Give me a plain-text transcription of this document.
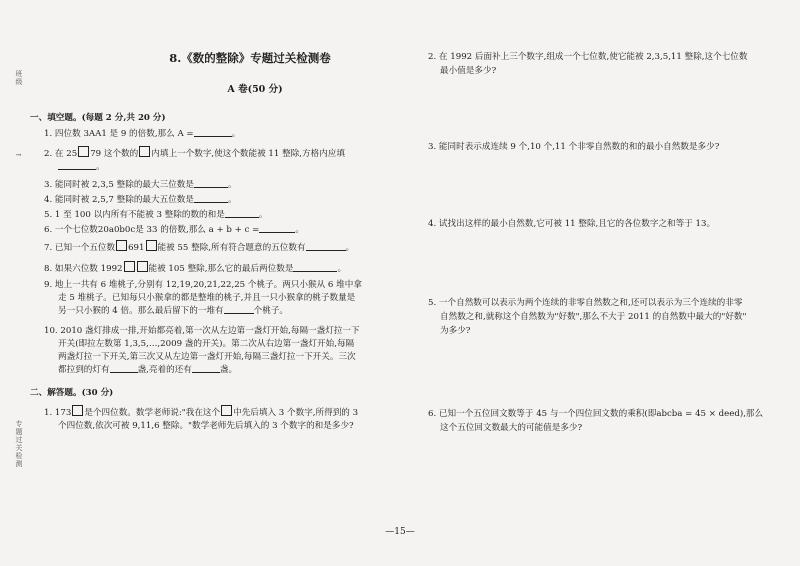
班级
↑
专题过关检测
8.《数的整除》专题过关检测卷
A 卷(50 分)
一、填空题。(每题 2 分,共 20 分)
1. 四位数 3AA1 是 9 的倍数,那么 A =	。
2. 在 25 79 这个数的 内填上一个数字,使这个数能被 11 整除,方格内应填
。
3. 能同时被 2,3,5 整除的最大三位数是	。
4. 能同时被 2,5,7 整除的最大五位数是	。
5. 1 至 100 以内所有不能被 3 整除的数的和是	。
6. 一个七位数20a0b0c是 33 的倍数,那么 a + b + c =	。
7. 已知一个五位数 691 能被 55 整除,所有符合题意的五位数有	。
8. 如果六位数 1992	能被 105 整除,那么它的最后两位数是	。
9. 地上一共有 6 堆桃子,分别有 12,19,20,21,22,25 个桃子。两只小猴从 6 堆中拿
走 5 堆桃子。已知每只小猴拿的都是整堆的桃子,并且一只小猴拿的桃子数量是
另一只小猴的 4 倍。那么最后留下的一堆有	个桃子。
10. 2010 盏灯排成一排,开始都亮着,第一次从左边第一盏灯开始,每隔一盏灯拉一下
开关(即拉左数第 1,3,5,…,2009 盏的开关)。第二次从右边第一盏灯开始,每隔
两盏灯拉一下开关,第三次又从左边第一盏灯开始,每隔三盏灯拉一下开关。三次
都拉到的灯有	盏,亮着的还有	盏。
二、解答题。(30 分)
1. 173 是个四位数。数学老师说:"我在这个 中先后填入 3 个数字,所得到的 3
个四位数,依次可被 9,11,6 整除。"数学老师先后填入的 3 个数字的和是多少?
2. 在 1992 后面补上三个数字,组成一个七位数,使它能被 2,3,5,11 整除,这个七位数
最小值是多少?
3. 能同时表示成连续 9 个,10 个,11 个非零自然数的和的最小自然数是多少?
4. 试找出这样的最小自然数,它可被 11 整除,且它的各位数字之和等于 13。
5. 一个自然数可以表示为两个连续的非零自然数之和,还可以表示为三个连续的非零
自然数之和,就称这个自然数为"好数",那么不大于 2011 的自然数中最大的"好数"
为多少?
6. 已知一个五位回文数等于 45 与一个四位回文数的乘积(即abcba = 45 × deed),那么
这个五位回文数最大的可能值是多少?
—15—
